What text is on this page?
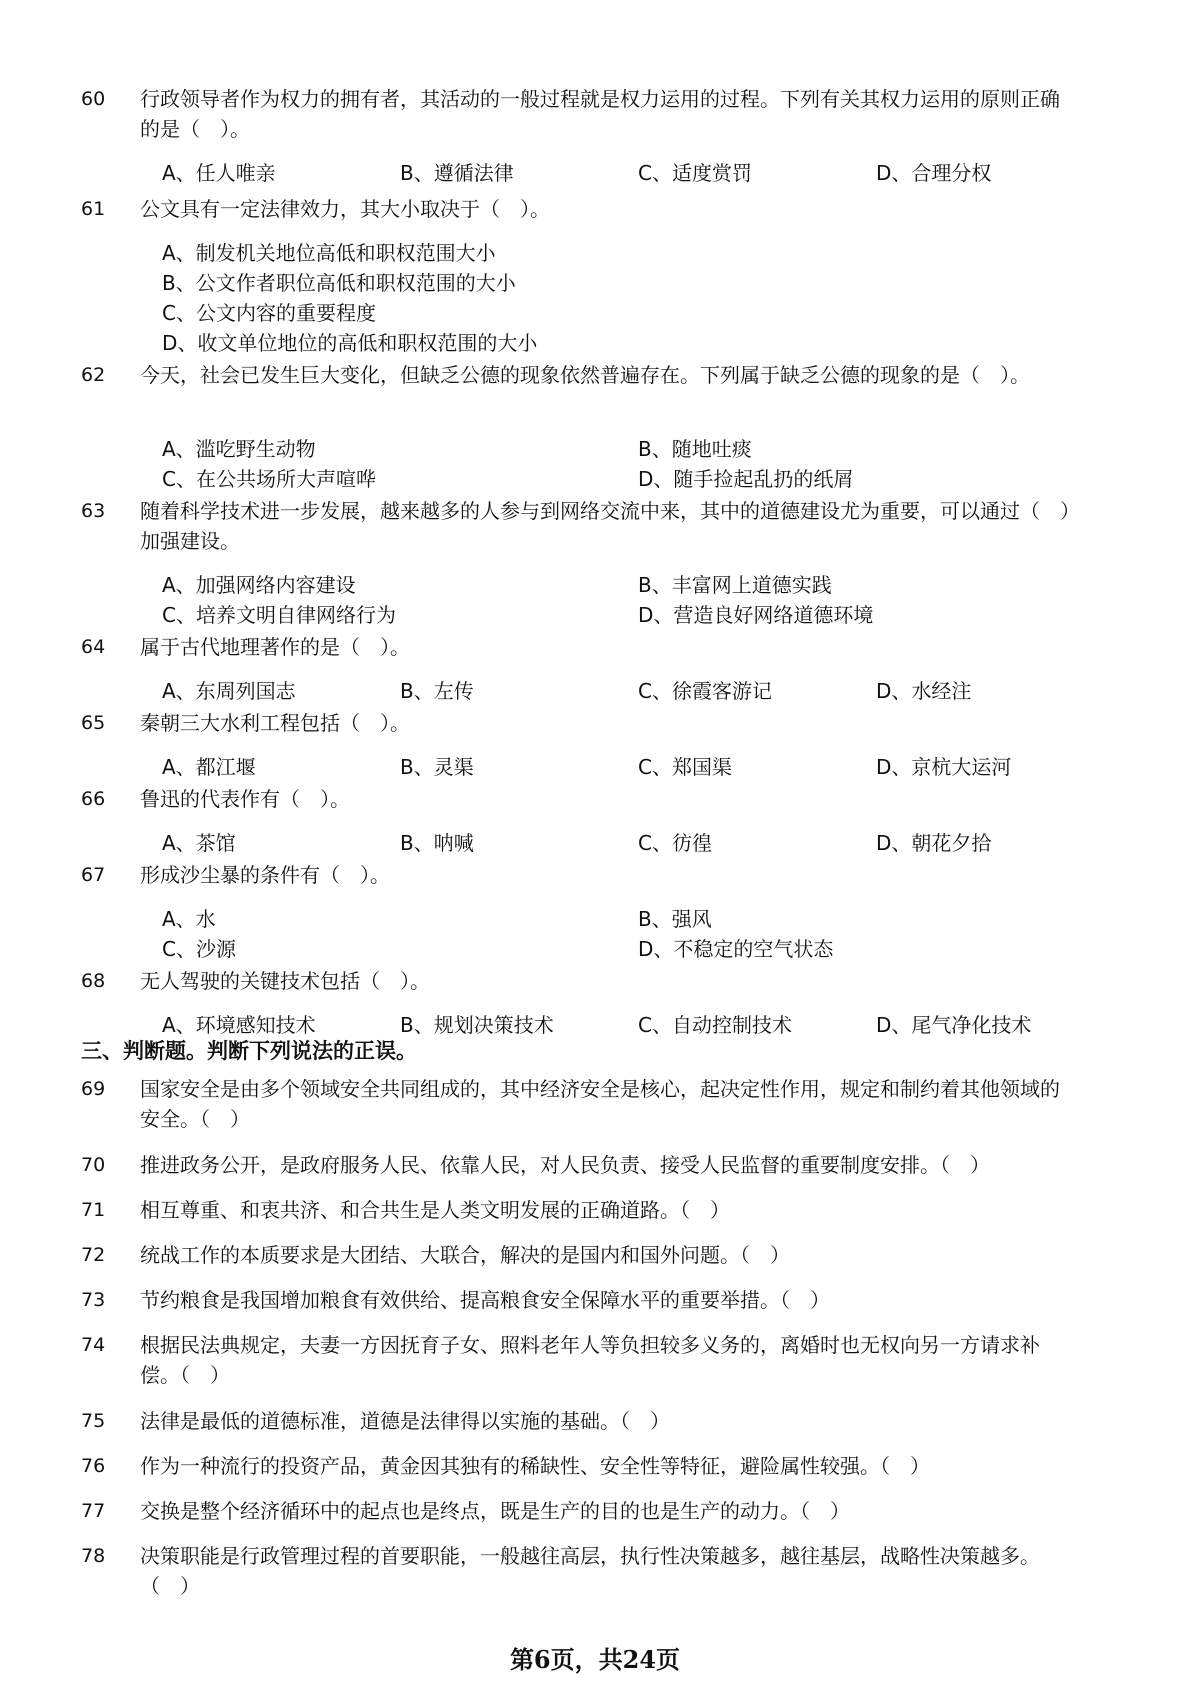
60 行政领导者作为权力的拥有者，其活动的一般过程就是权力运用的过程。下列有关其权力运用的原则正确的是（　）。
A、任人唯亲	B、遵循法律	C、适度赏罚	D、合理分权
61 公文具有一定法律效力，其大小取决于（　）。
A、制发机关地位高低和职权范围大小
B、公文作者职位高低和职权范围的大小
C、公文内容的重要程度
D、收文单位地位的高低和职权范围的大小
62 今天，社会已发生巨大变化，但缺乏公德的现象依然普遍存在。下列属于缺乏公德的现象的是（　）。
A、滥吃野生动物	B、随地吐痰
C、在公共场所大声喧哗	D、随手捡起乱扔的纸屑
63 随着科学技术进一步发展，越来越多的人参与到网络交流中来，其中的道德建设尤为重要，可以通过（　）加强建设。
A、加强网络内容建设	B、丰富网上道德实践
C、培养文明自律网络行为	D、营造良好网络道德环境
64 属于古代地理著作的是（　）。
A、东周列国志	B、左传	C、徐霞客游记	D、水经注
65 秦朝三大水利工程包括（　）。
A、都江堰	B、灵渠	C、郑国渠	D、京杭大运河
66 鲁迅的代表作有（　）。
A、茶馆	B、呐喊	C、彷徨	D、朝花夕拾
67 形成沙尘暴的条件有（　）。
A、水	B、强风
C、沙源	D、不稳定的空气状态
68 无人驾驶的关键技术包括（　）。
A、环境感知技术	B、规划决策技术	C、自动控制技术	D、尾气净化技术
三、判断题。判断下列说法的正误。
69 国家安全是由多个领域安全共同组成的，其中经济安全是核心，起决定性作用，规定和制约着其他领域的安全。（　）
70 推进政务公开，是政府服务人民、依靠人民，对人民负责、接受人民监督的重要制度安排。（　）
71 相互尊重、和衷共济、和合共生是人类文明发展的正确道路。（　）
72 统战工作的本质要求是大团结、大联合，解决的是国内和国外问题。（　）
73 节约粮食是我国增加粮食有效供给、提高粮食安全保障水平的重要举措。（　）
74 根据民法典规定，夫妻一方因抚育子女、照料老年人等负担较多义务的，离婚时也无权向另一方请求补偿。（　）
75 法律是最低的道德标准，道德是法律得以实施的基础。（　）
76 作为一种流行的投资产品，黄金因其独有的稀缺性、安全性等特征，避险属性较强。（　）
77 交换是整个经济循环中的起点也是终点，既是生产的目的也是生产的动力。（　）
78 决策职能是行政管理过程的首要职能，一般越往高层，执行性决策越多，越往基层，战略性决策越多。（　）
第6页，共24页
